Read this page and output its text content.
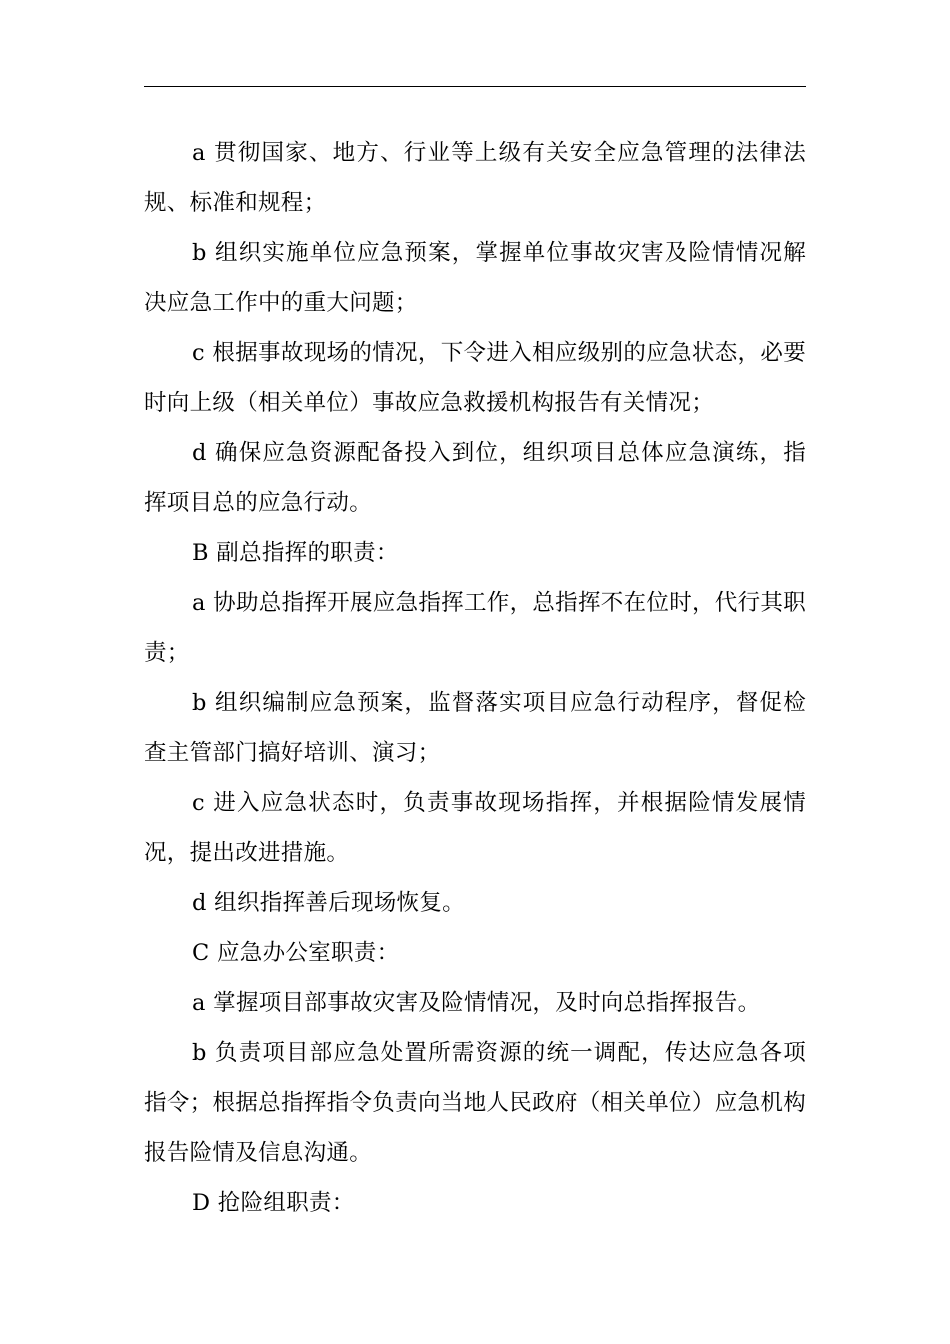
a 贯彻国家、地方、行业等上级有关安全应急管理的法律法规、标准和规程；

b 组织实施单位应急预案，掌握单位事故灾害及险情情况解决应急工作中的重大问题；

c 根据事故现场的情况，下令进入相应级别的应急状态，必要时向上级（相关单位）事故应急救援机构报告有关情况；

d 确保应急资源配备投入到位，组织项目总体应急演练，指挥项目总的应急行动。

B 副总指挥的职责：

a 协助总指挥开展应急指挥工作，总指挥不在位时，代行其职责；

b 组织编制应急预案，监督落实项目应急行动程序，督促检查主管部门搞好培训、演习；

c 进入应急状态时，负责事故现场指挥，并根据险情发展情况，提出改进措施。

d 组织指挥善后现场恢复。

C 应急办公室职责：

a 掌握项目部事故灾害及险情情况，及时向总指挥报告。

b 负责项目部应急处置所需资源的统一调配，传达应急各项指令；根据总指挥指令负责向当地人民政府（相关单位）应急机构报告险情及信息沟通。

D 抢险组职责：
